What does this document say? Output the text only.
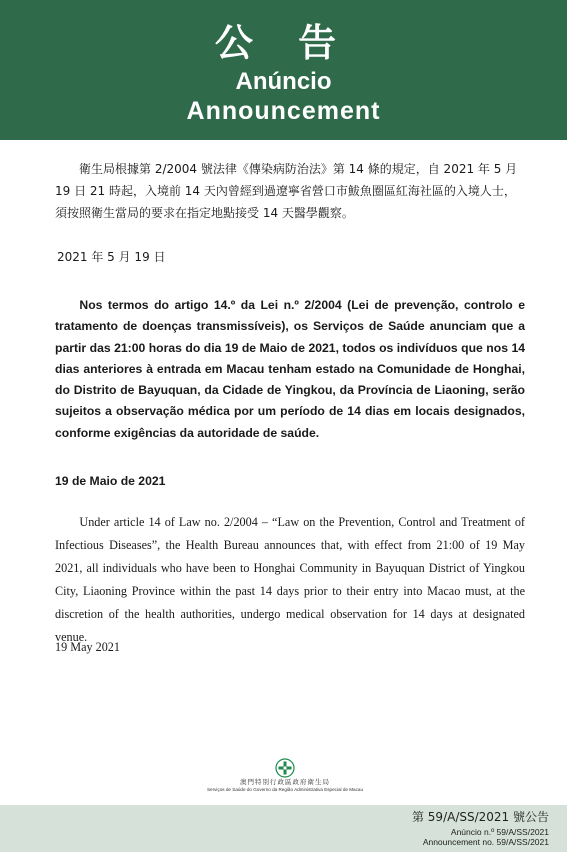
公 告
Anúncio
Announcement
衛生局根據第 2/2004 號法律《傳染病防治法》第 14 條的規定，自 2021 年 5 月 19 日 21 時起，入境前 14 天內曾經到過遼寧省營口市鮁魚圈區紅海社區的入境人士，須按照衛生當局的要求在指定地點接受 14 天醫學觀察。
2021 年 5 月 19 日
Nos termos do artigo 14.º da Lei n.º 2/2004 (Lei de prevenção, controlo e tratamento de doenças transmissíveis), os Serviços de Saúde anunciam que a partir das 21:00 horas do dia 19 de Maio de 2021, todos os indivíduos que nos 14 dias anteriores à entrada em Macau tenham estado na Comunidade de Honghai, do Distrito de Bayuquan, da Cidade de Yingkou, da Província de Liaoning, serão sujeitos a observação médica por um período de 14 dias em locais designados, conforme exigências da autoridade de saúde.
19 de Maio de 2021
Under article 14 of Law no. 2/2004 – “Law on the Prevention, Control and Treatment of Infectious Diseases”, the Health Bureau announces that, with effect from 21:00 of 19 May 2021, all individuals who have been to Honghai Community in Bayuquan District of Yingkou City, Liaoning Province within the past 14 days prior to their entry into Macao must, at the discretion of the health authorities, undergo medical observation for 14 days at designated venue.
19 May 2021
澳門特別行政區政府衛生局
Serviços de Saúde do Governo da Região Administrativa Especial de Macau
第 59/A/SS/2021 號公告
Anúncio n.º 59/A/SS/2021
Announcement no. 59/A/SS/2021
